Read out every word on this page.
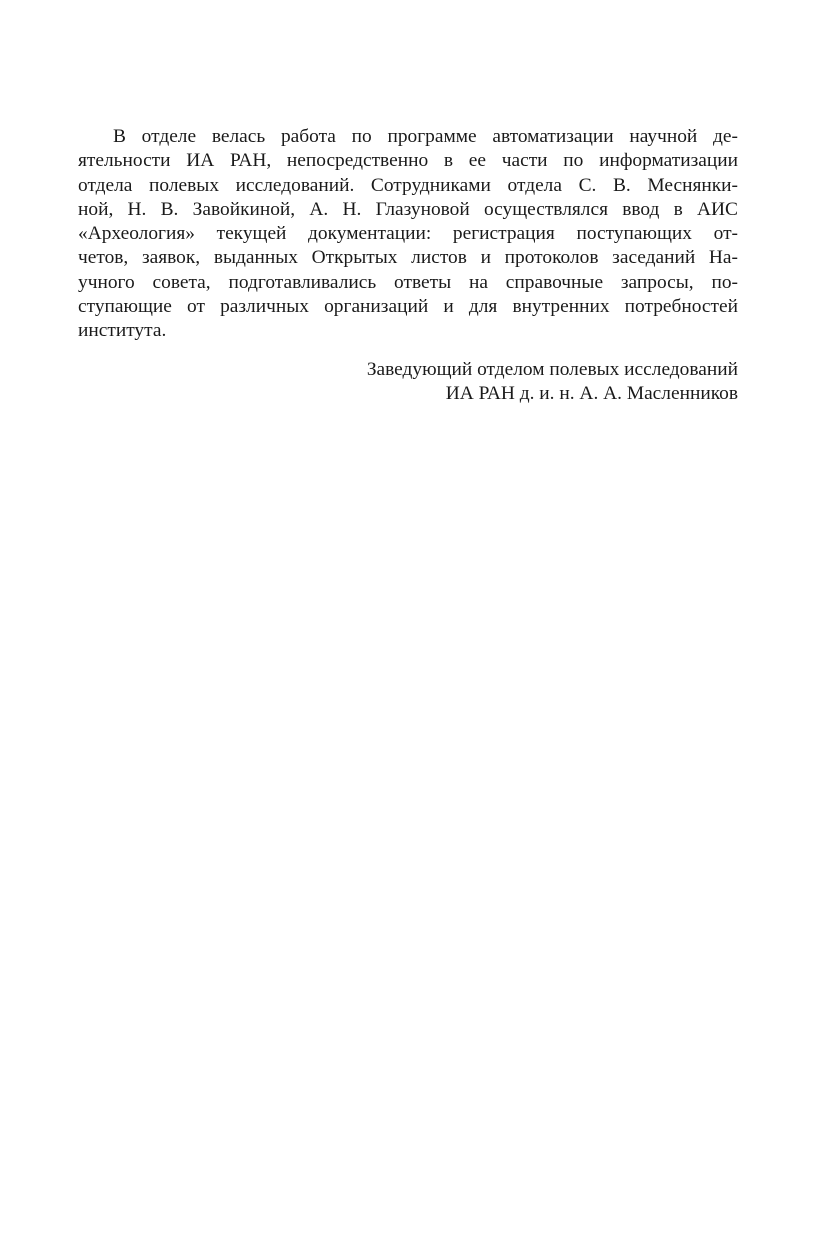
В отделе велась работа по программе автоматизации научной де-
ятельности ИА РАН, непосредственно в ее части по информатизации
отдела полевых исследований. Сотрудниками отдела С. В. Меснянки-
ной, Н. В. Завойкиной, А. Н. Глазуновой осуществлялся ввод в АИС
«Археология» текущей документации: регистрация поступающих от-
четов, заявок, выданных Открытых листов и протоколов заседаний На-
учного совета, подготавливались ответы на справочные запросы, по-
ступающие от различных организаций и для внутренних потребностей
института.
Заведующий отделом полевых исследований
ИА РАН д. и. н. А. А. Масленников
